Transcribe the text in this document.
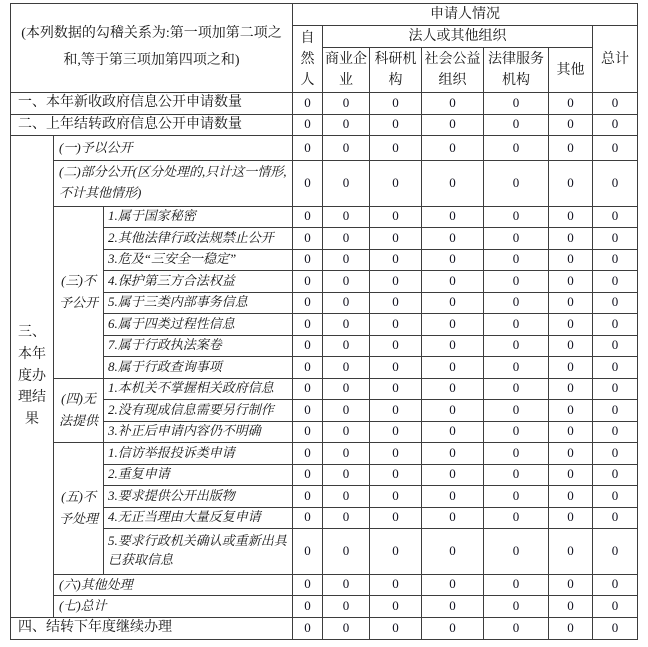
(本列数据的勾稽关系为:第一项加第二项之和,等于第三项加第四项之和)			申请人情况						
			自然人	法人或其他组织					总计
				商业企业	科研机构	社会公益组织	法律服务机构	其他	
一、本年新收政府信息公开申请数量			0	0	0	0	0	0	0
二、上年结转政府信息公开申请数量			0	0	0	0	0	0	0
三、本年度办理结果	(一)予以公开		0	0	0	0	0	0	0
	(二)部分公开(区分处理的,只计这一情形,不计其他情形)		0	0	0	0	0	0	0
	(三)不予公开	1.属于国家秘密	0	0	0	0	0	0	0
		2.其他法律行政法规禁止公开	0	0	0	0	0	0	0
		3.危及“三安全一稳定”	0	0	0	0	0	0	0
		4.保护第三方合法权益	0	0	0	0	0	0	0
		5.属于三类内部事务信息	0	0	0	0	0	0	0
		6.属于四类过程性信息	0	0	0	0	0	0	0
		7.属于行政执法案卷	0	0	0	0	0	0	0
		8.属于行政查询事项	0	0	0	0	0	0	0
	(四)无法提供	1.本机关不掌握相关政府信息	0	0	0	0	0	0	0
		2.没有现成信息需要另行制作	0	0	0	0	0	0	0
		3.补正后申请内容仍不明确	0	0	0	0	0	0	0
	(五)不予处理	1.信访举报投诉类申请	0	0	0	0	0	0	0
		2.重复申请	0	0	0	0	0	0	0
		3.要求提供公开出版物	0	0	0	0	0	0	0
		4.无正当理由大量反复申请	0	0	0	0	0	0	0
		5.要求行政机关确认或重新出具已获取信息	0	0	0	0	0	0	0
	(六)其他处理		0	0	0	0	0	0	0
	(七)总计		0	0	0	0	0	0	0
四、结转下年度继续办理			0	0	0	0	0	0	0
